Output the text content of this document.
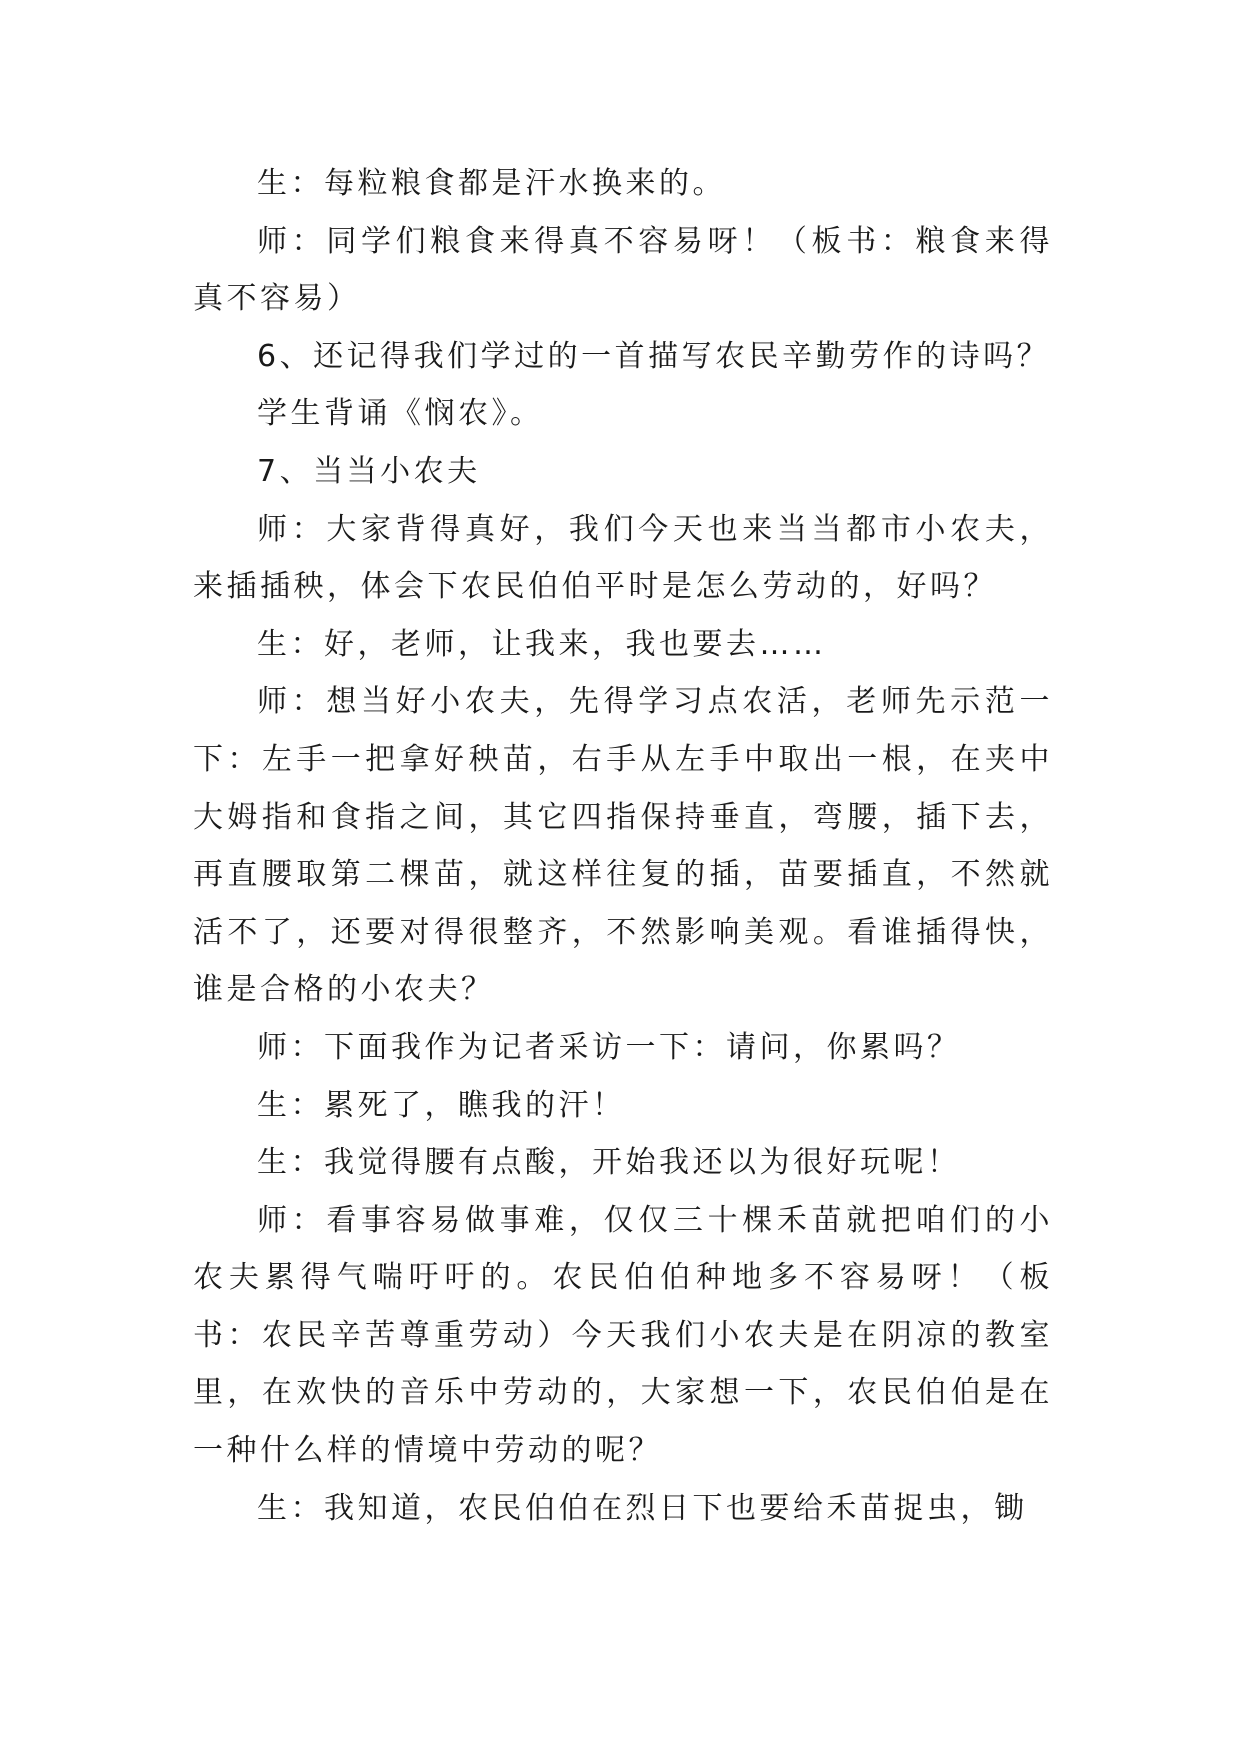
生：每粒粮食都是汗水换来的。

师：同学们粮食来得真不容易呀！（板书：粮食来得真不容易）

6、还记得我们学过的一首描写农民辛勤劳作的诗吗？

学生背诵《悯农》。

7、当当小农夫

师：大家背得真好，我们今天也来当当都市小农夫，来插插秧，体会下农民伯伯平时是怎么劳动的，好吗？

生：好，老师，让我来，我也要去……

师：想当好小农夫，先得学习点农活，老师先示范一下：左手一把拿好秧苗，右手从左手中取出一根，在夹中大姆指和食指之间，其它四指保持垂直，弯腰，插下去，再直腰取第二棵苗，就这样往复的插，苗要插直，不然就活不了，还要对得很整齐，不然影响美观。看谁插得快，谁是合格的小农夫？

师：下面我作为记者采访一下：请问，你累吗？

生：累死了，瞧我的汗！

生：我觉得腰有点酸，开始我还以为很好玩呢！

师：看事容易做事难，仅仅三十棵禾苗就把咱们的小农夫累得气喘吁吁的。农民伯伯种地多不容易呀！（板书：农民辛苦尊重劳动）今天我们小农夫是在阴凉的教室里，在欢快的音乐中劳动的，大家想一下，农民伯伯是在一种什么样的情境中劳动的呢？

生：我知道，农民伯伯在烈日下也要给禾苗捉虫，锄
